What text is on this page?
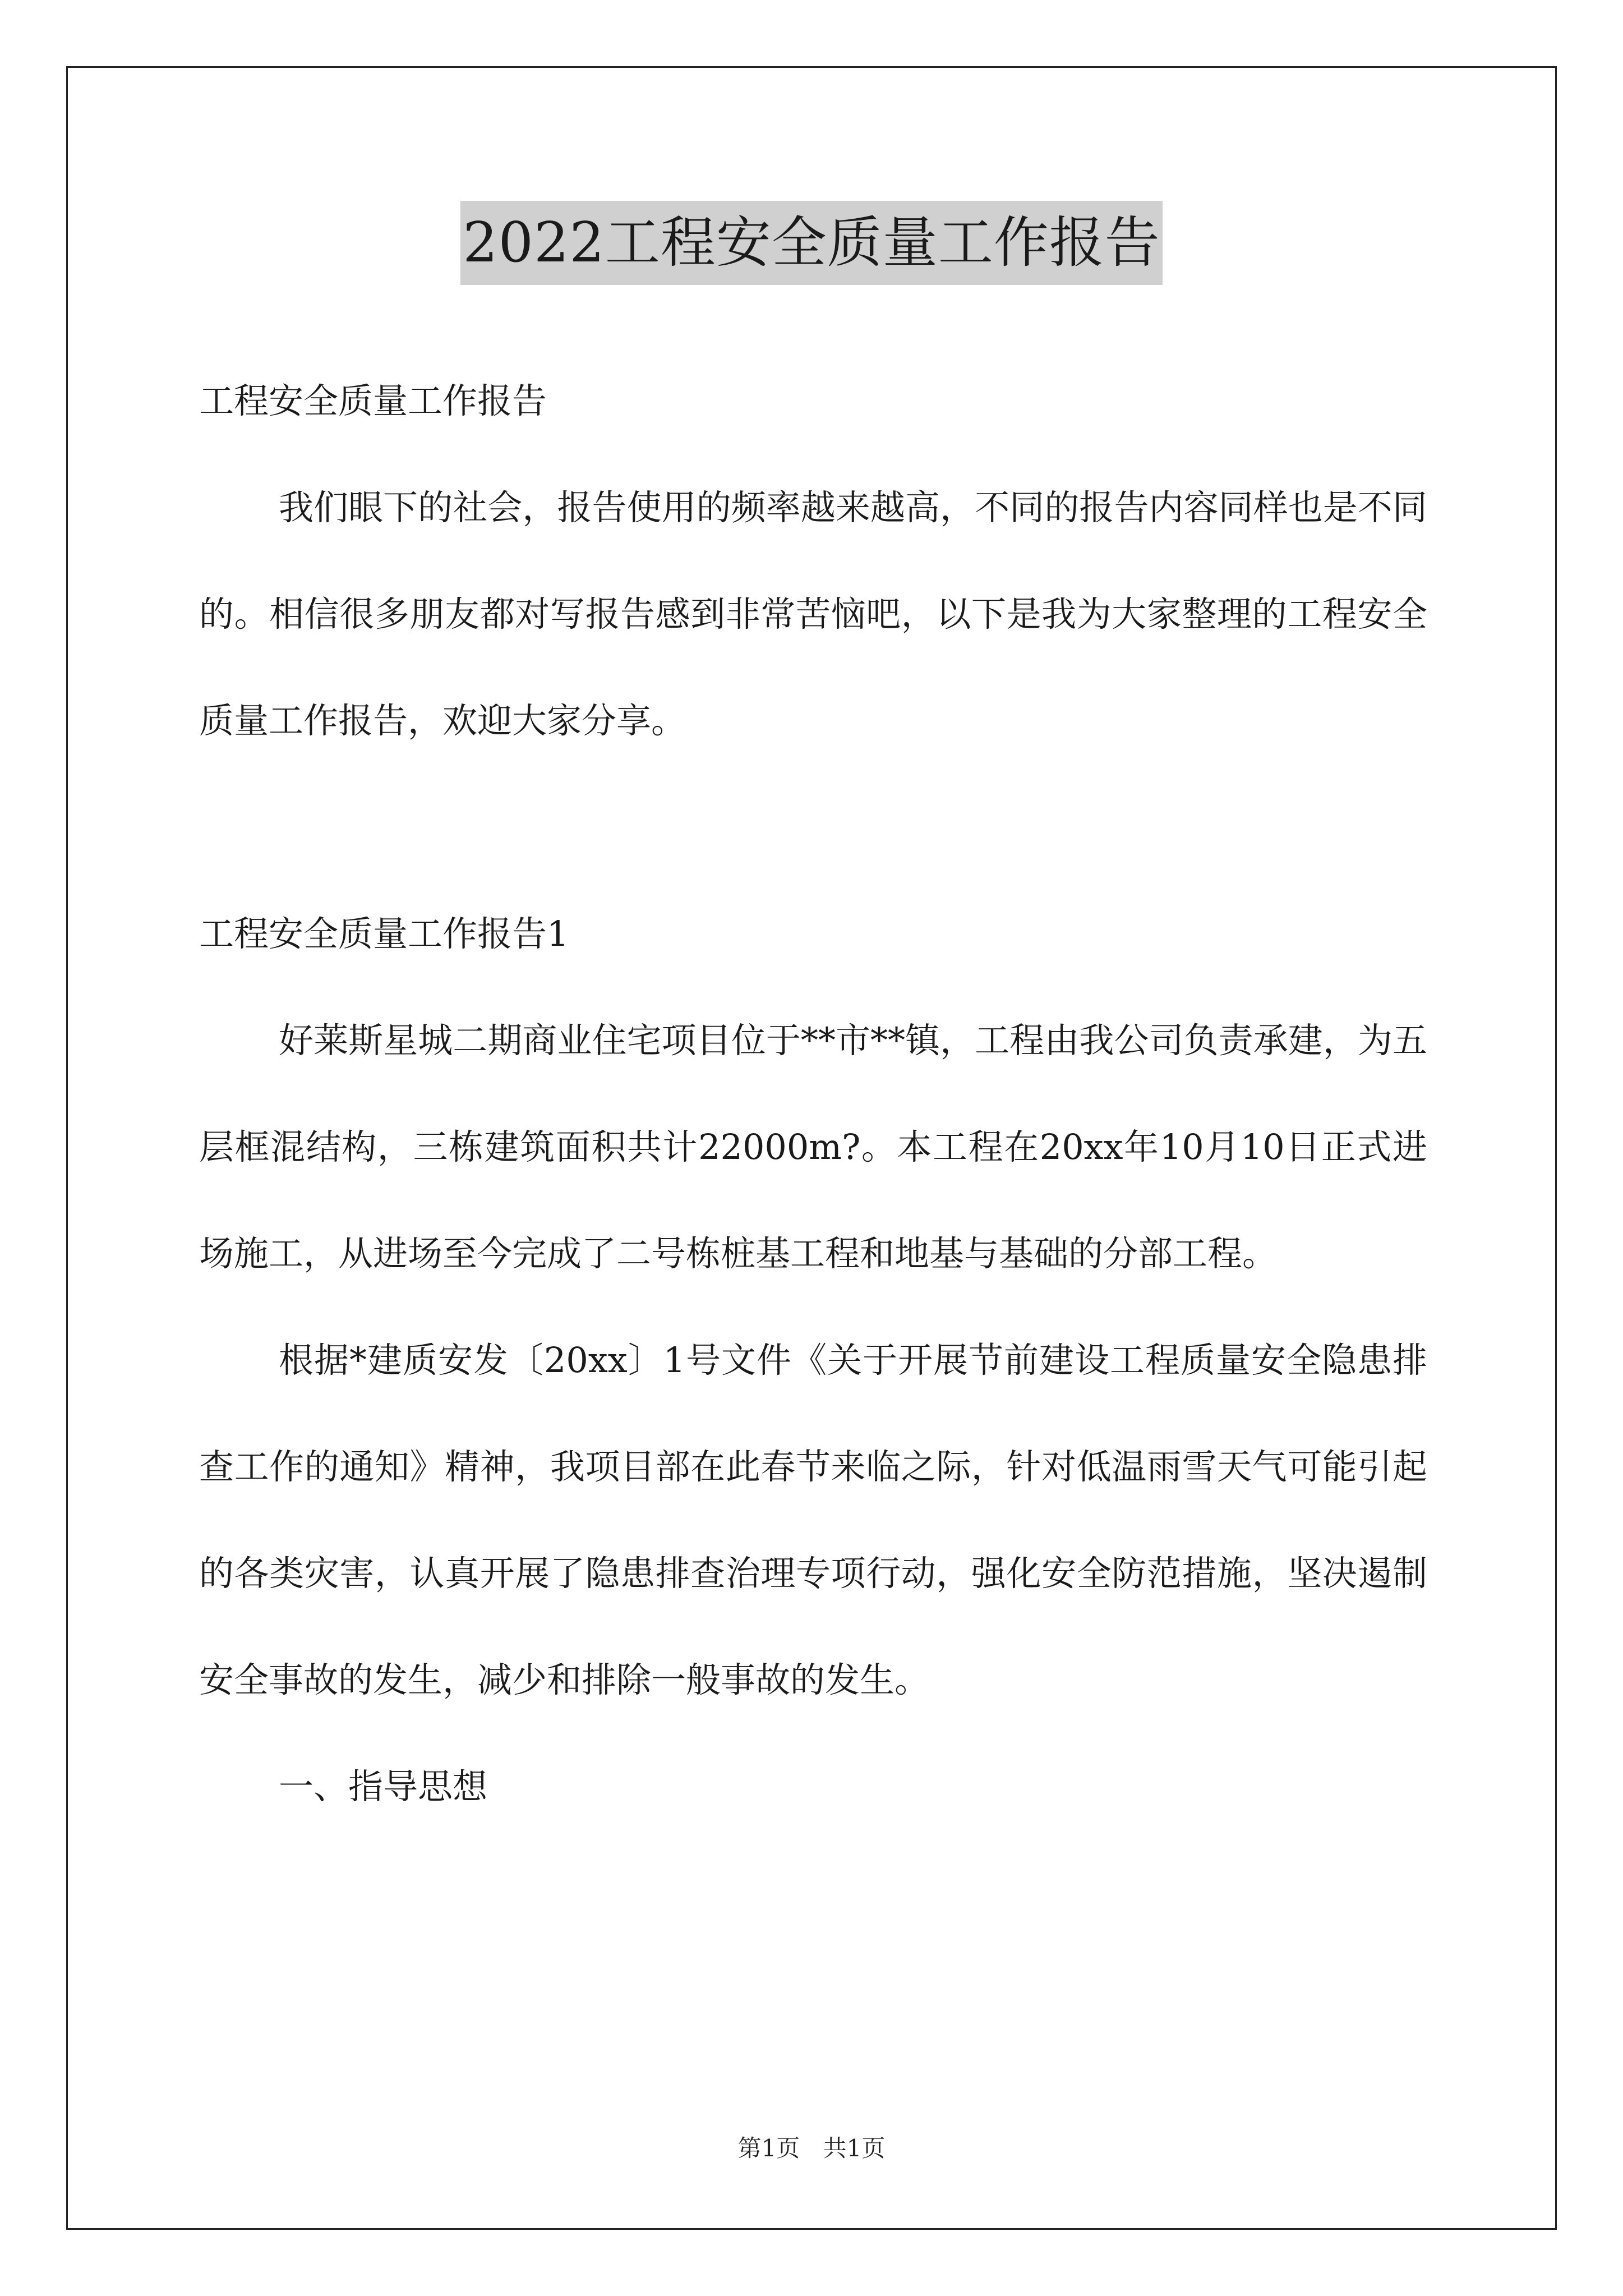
2022工程安全质量工作报告

工程安全质量工作报告

我们眼下的社会，报告使用的频率越来越高，不同的报告内容同样也是不同的。相信很多朋友都对写报告感到非常苦恼吧，以下是我为大家整理的工程安全质量工作报告，欢迎大家分享。

工程安全质量工作报告1

好莱斯星城二期商业住宅项目位于**市**镇，工程由我公司负责承建，为五层框混结构，三栋建筑面积共计22000m?。本工程在20xx年10月10日正式进场施工，从进场至今完成了二号栋桩基工程和地基与基础的分部工程。

根据*建质安发〔20xx〕1号文件《关于开展节前建设工程质量安全隐患排查工作的通知》精神，我项目部在此春节来临之际，针对低温雨雪天气可能引起的各类灾害，认真开展了隐患排查治理专项行动，强化安全防范措施，坚决遏制安全事故的发生，减少和排除一般事故的发生。

一、指导思想

第1页 共1页
